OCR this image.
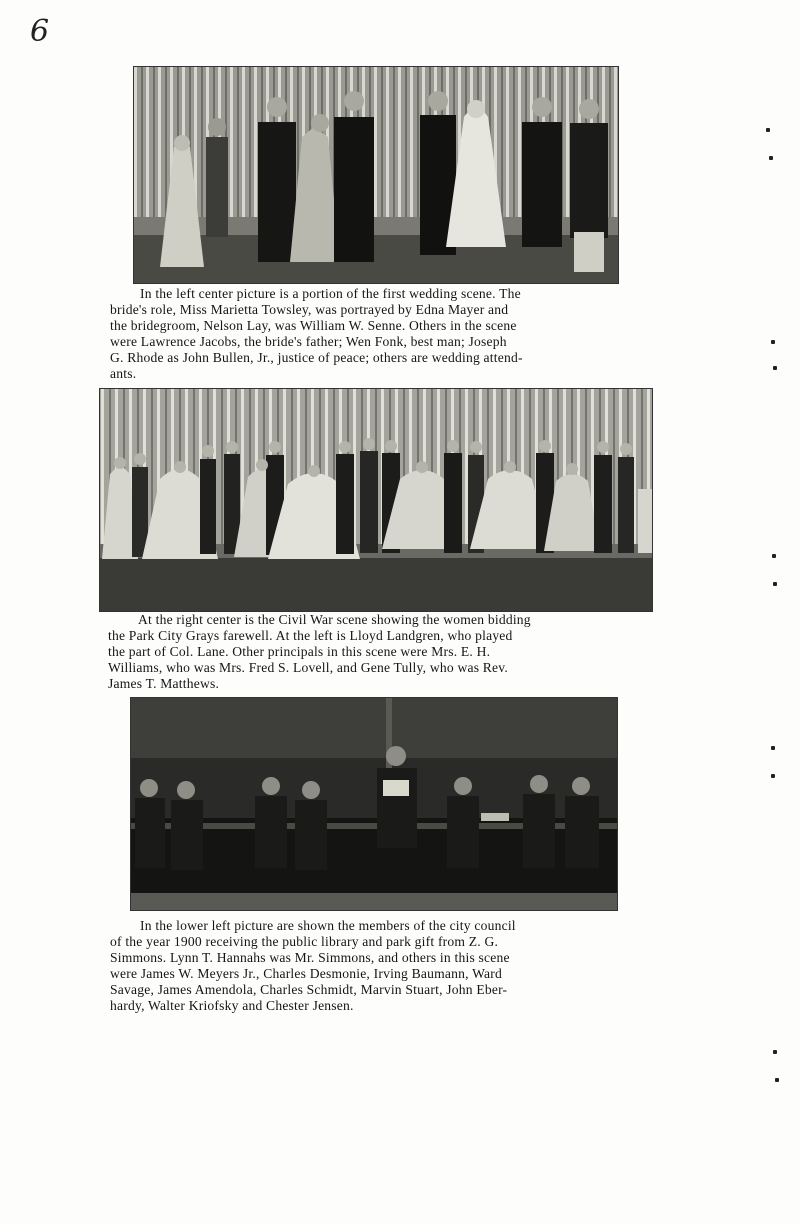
6
In the left center picture is a portion of the first wedding scene. The
bride's role, Miss Marietta Towsley, was portrayed by Edna Mayer and
the bridegroom, Nelson Lay, was William W. Senne. Others in the scene
were Lawrence Jacobs, the bride's father; Wen Fonk, best man; Joseph
G. Rhode as John Bullen, Jr., justice of peace; others are wedding attend-
ants.
At the right center is the Civil War scene showing the women bidding
the Park City Grays farewell. At the left is Lloyd Landgren, who played
the part of Col. Lane. Other principals in this scene were Mrs. E. H.
Williams, who was Mrs. Fred S. Lovell, and Gene Tully, who was Rev.
James T. Matthews.
In the lower left picture are shown the members of the city council
of the year 1900 receiving the public library and park gift from Z. G.
Simmons. Lynn T. Hannahs was Mr. Simmons, and others in this scene
were James W. Meyers Jr., Charles Desmonie, Irving Baumann, Ward
Savage, James Amendola, Charles Schmidt, Marvin Stuart, John Eber-
hardy, Walter Kriofsky and Chester Jensen.
